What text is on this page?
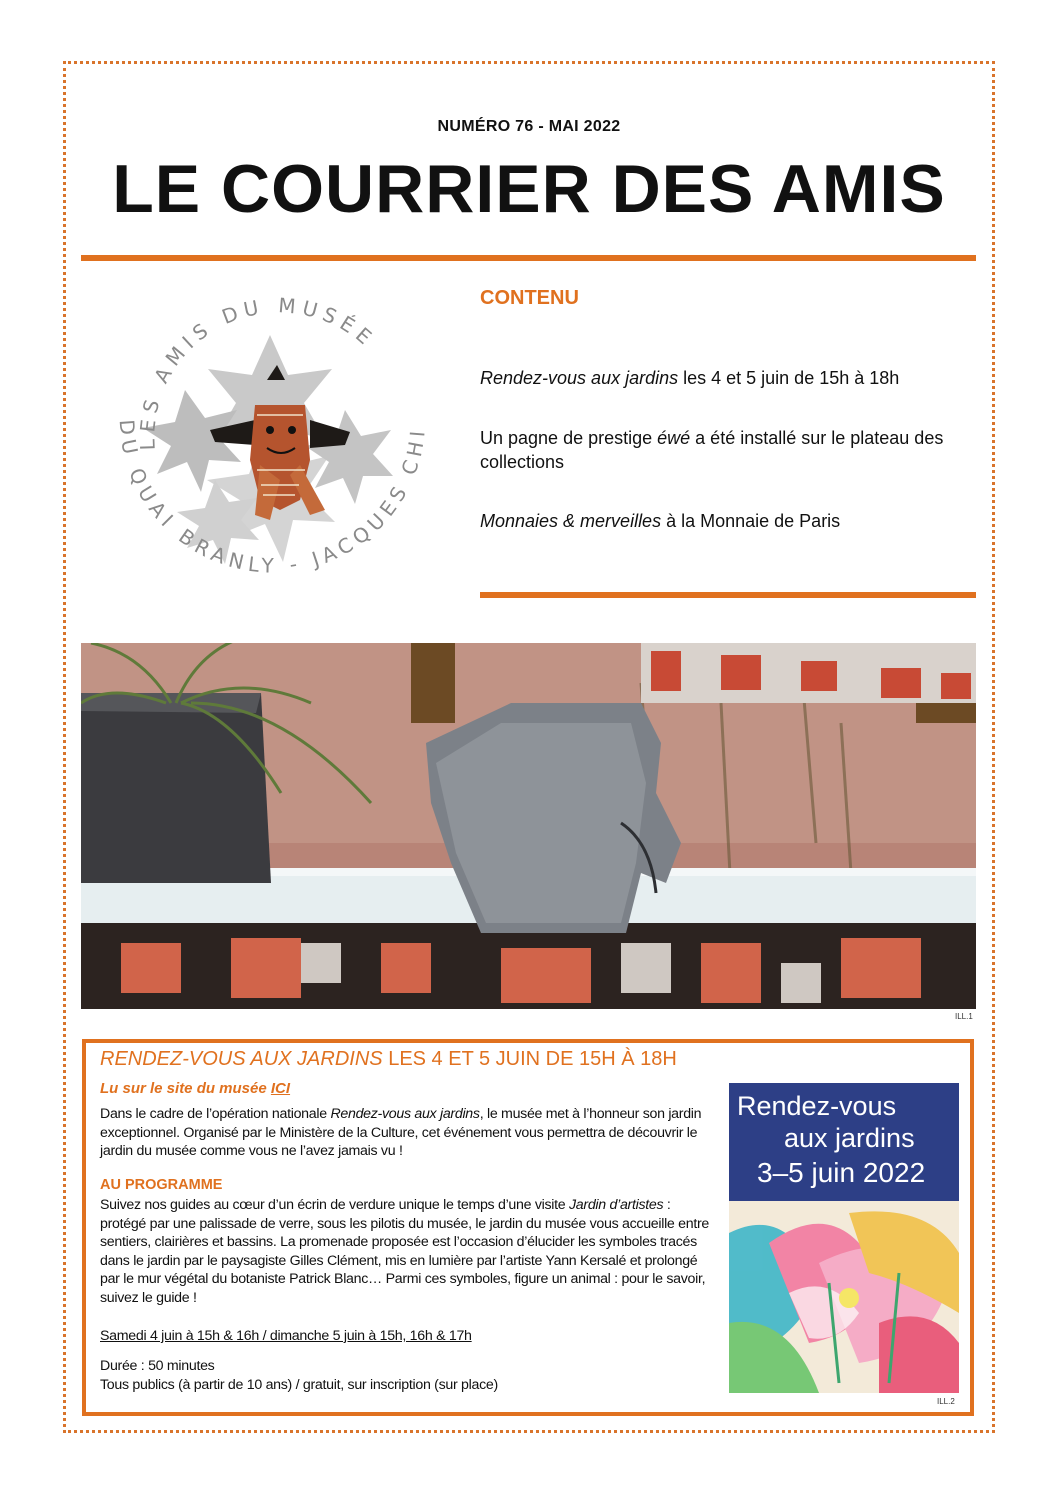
NUMÉRO 76 - MAI 2022
LE COURRIER DES AMIS
LES AMIS DU MUSÉE
DU QUAI BRANLY - JACQUES CHI
CONTENU
Rendez-vous aux jardins les 4 et 5 juin de 15h à 18h
Un pagne de prestige éwé a été installé sur le plateau des collections
Monnaies & merveilles à la Monnaie de Paris
ILL.1
RENDEZ-VOUS AUX JARDINS LES 4 ET 5 JUIN DE 15H À 18H
Lu sur le site du musée ICI
Dans le cadre de l’opération nationale Rendez-vous aux jardins, le musée met à l’honneur son jardin exceptionnel. Organisé par le Ministère de la Culture, cet événement vous permettra de découvrir le jardin du musée comme vous ne l’avez jamais vu !
AU PROGRAMME
Suivez nos guides au cœur d’un écrin de verdure unique le temps d’une visite Jardin d’artistes : protégé par une palissade de verre, sous les pilotis du musée, le jardin du musée vous accueille entre sentiers, clairières et bassins. La promenade proposée est l’occasion d’élucider les symboles tracés dans le jardin par le paysagiste Gilles Clément, mis en lumière par l’artiste Yann Kersalé et prolongé par le mur végétal du botaniste Patrick Blanc… Parmi ces symboles, figure un animal : pour le savoir, suivez le guide !
Samedi 4 juin à 15h & 16h / dimanche 5 juin à 15h, 16h & 17h
Durée : 50 minutes
Tous publics (à partir de 10 ans) / gratuit, sur inscription (sur place)
Rendez-vous
aux jardins
3–5 juin 2022
ILL.2
